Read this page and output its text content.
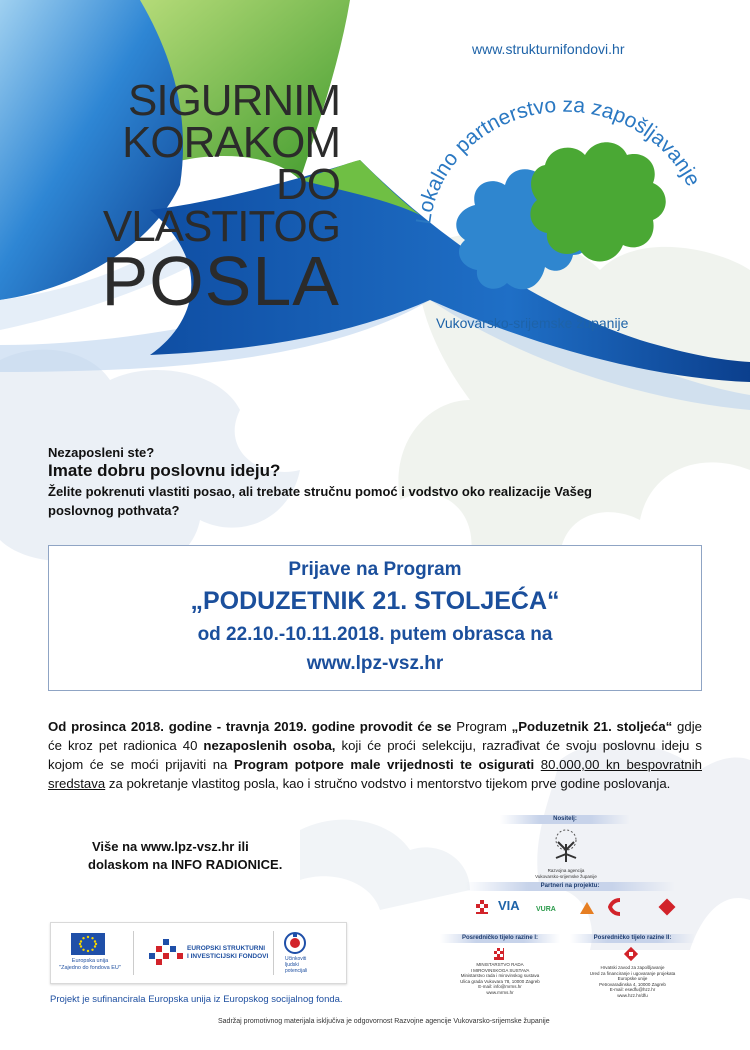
SIGURNIM
KORAKOM
DO
VLASTITOG
POSLA
www.strukturnifondovi.hr
Lokalno partnerstvo za zapošljavanje
Vukovarsko-srijemske županije
Nezaposleni ste?
Imate dobru poslovnu ideju?
Želite pokrenuti vlastiti posao, ali trebate stručnu pomoć i vodstvo oko realizacije Vašeg poslovnog pothvata?
Prijave na Program
„PODUZETNIK 21. STOLJEĆA“
od 22.10.-10.11.2018. putem obrasca na
www.lpz-vsz.hr
Od prosinca 2018. godine - travnja 2019. godine provodit će se Program „Poduzetnik 21. stoljeća“ gdje će kroz pet radionica 40 nezaposlenih osoba, koji će proći selekciju, razrađivat će svoju poslovnu ideju s kojom će se moći prijaviti na Program potpore male vrijednosti te osigurati 80.000,00 kn bespovratnih sredstava za pokretanje vlastitog posla, kao i stručno vodstvo i mentorstvo tijekom prve godine poslovanja.
Više na www.lpz-vsz.hr ili
dolaskom na INFO RADIONICE.
Europska unija
"Zajedno do fondova EU"
EUROPSKI STRUKTURNI
I INVESTICIJSKI FONDOVI	Učinkoviti
ljudski
potencijali
Projekt je sufinancirala Europska unija iz Europskog socijalnog fonda.
Nositelj:
Razvojna agencija
Vukovarsko-srijemske županije
Partneri na projektu:
VIA VURA
Posredničko tijelo razine I:	Posredničko tijelo razine II:
MINISTARSTVO RADA
I MIROVINSKOGA SUSTAVA
Ministarstvo rada i mirovinskog sustava
Ulica grada Vukovara 78, 10000 Zagreb
E-mail: info@mrms.hr
www.mrms.hr
Hrvatski zavod za zapošljavanje
Ured za financiranje i ugovaranje projekata
Europske unije
Petrovaradinska 4, 10000 Zagreb
E-mail: esedfu@hzz.hr
www.hzz.hr/dfu
Sadržaj promotivnog materijala isključiva je odgovornost Razvojne agencije Vukovarsko-srijemske županije
